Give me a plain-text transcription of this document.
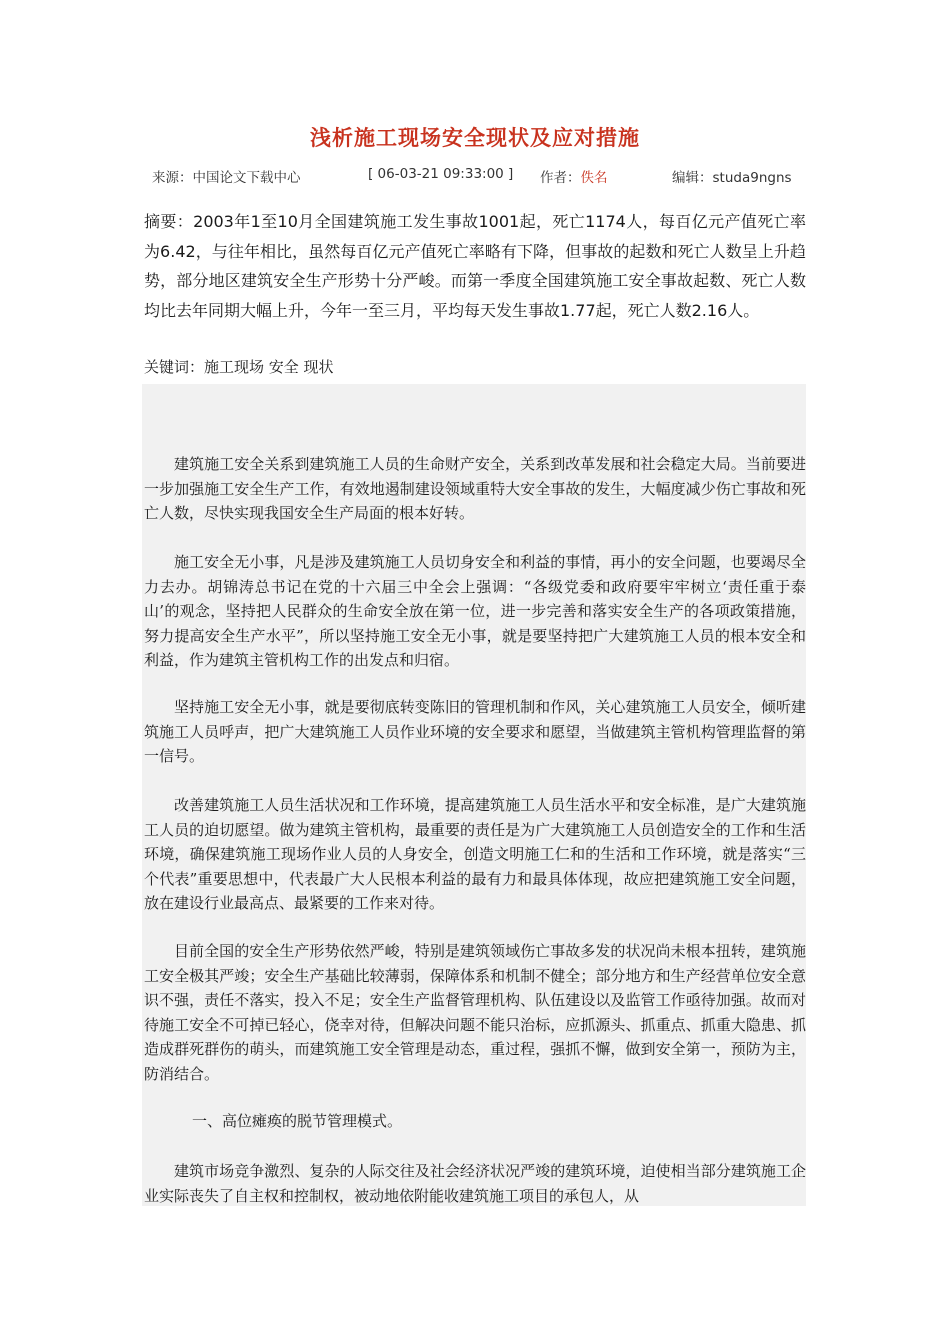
浅析施工现场安全现状及应对措施
来源：中国论文下载中心	[ 06-03-21 09:33:00 ] 作者：佚名	编辑：studa9ngns
摘要：2003年1至10月全国建筑施工发生事故1001起，死亡1174人，每百亿元产值死亡率为6.42，与往年相比，虽然每百亿元产值死亡率略有下降，但事故的起数和死亡人数呈上升趋势，部分地区建筑安全生产形势十分严峻。而第一季度全国建筑施工安全事故起数、死亡人数均比去年同期大幅上升，今年一至三月，平均每天发生事故1.77起，死亡人数2.16人。
关键词：施工现场 安全 现状
建筑施工安全关系到建筑施工人员的生命财产安全，关系到改革发展和社会稳定大局。当前要进一步加强施工安全生产工作，有效地遏制建设领域重特大安全事故的发生，大幅度减少伤亡事故和死亡人数，尽快实现我国安全生产局面的根本好转。
施工安全无小事，凡是涉及建筑施工人员切身安全和利益的事情，再小的安全问题，也要竭尽全力去办。胡锦涛总书记在党的十六届三中全会上强调：“各级党委和政府要牢牢树立‘责任重于泰山’的观念，坚持把人民群众的生命安全放在第一位，进一步完善和落实安全生产的各项政策措施，努力提高安全生产水平”，所以坚持施工安全无小事，就是要坚持把广大建筑施工人员的根本安全和利益，作为建筑主管机构工作的出发点和归宿。
坚持施工安全无小事，就是要彻底转变陈旧的管理机制和作风，关心建筑施工人员安全，倾听建筑施工人员呼声，把广大建筑施工人员作业环境的安全要求和愿望，当做建筑主管机构管理监督的第一信号。
改善建筑施工人员生活状况和工作环境，提高建筑施工人员生活水平和安全标准，是广大建筑施工人员的迫切愿望。做为建筑主管机构，最重要的责任是为广大建筑施工人员创造安全的工作和生活环境，确保建筑施工现场作业人员的人身安全，创造文明施工仁和的生活和工作环境，就是落实“三个代表”重要思想中，代表最广大人民根本利益的最有力和最具体体现，故应把建筑施工安全问题，放在建设行业最高点、最紧要的工作来对待。
目前全国的安全生产形势依然严峻，特别是建筑领域伤亡事故多发的状况尚未根本扭转，建筑施工安全极其严竣；安全生产基础比较薄弱，保障体系和机制不健全；部分地方和生产经营单位安全意识不强，责任不落实，投入不足；安全生产监督管理机构、队伍建设以及监管工作亟待加强。故而对待施工安全不可掉已轻心，侥幸对待，但解决问题不能只治标，应抓源头、抓重点、抓重大隐患、抓造成群死群伤的萌头，而建筑施工安全管理是动态，重过程，强抓不懈，做到安全第一，预防为主，防消结合。
一、高位瘫痪的脱节管理模式。
建筑市场竞争激烈、复杂的人际交往及社会经济状况严竣的建筑环境，迫使相当部分建筑施工企业实际丧失了自主权和控制权，被动地依附能收建筑施工项目的承包人，从
